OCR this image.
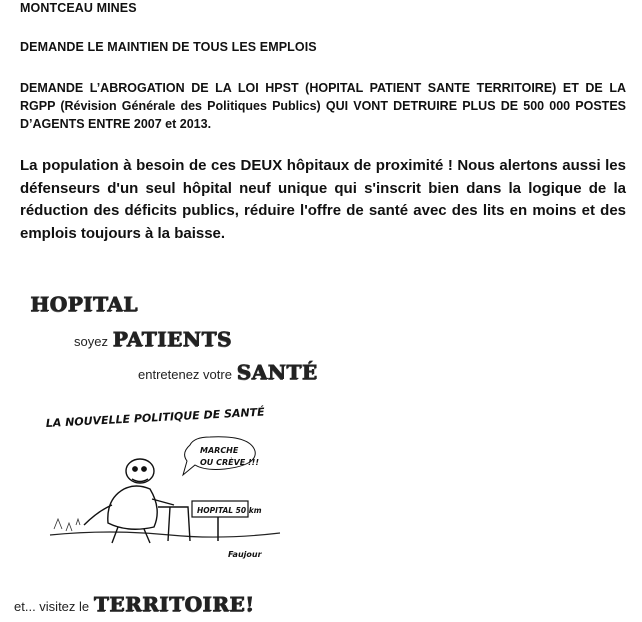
MONTCEAU MINES

DEMANDE LE MAINTIEN DE TOUS LES EMPLOIS

DEMANDE L’ABROGATION DE LA LOI HPST (HOPITAL PATIENT SANTE TERRITOIRE) ET DE LA RGPP (Révision Générale des Politiques Publics) QUI VONT DETRUIRE PLUS DE 500 000 POSTES D’AGENTS ENTRE 2007 et 2013.

La population à besoin de ces DEUX hôpitaux de proximité ! Nous alertons aussi les défenseurs d'un seul hôpital neuf unique qui s'inscrit bien dans la logique de la réduction des déficits publics, réduire l'offre de santé avec des lits en moins et des emplois toujours à la baisse.

HOPITAL
soyez PATIENTS
entretenez votre SANTÉ
LA NOUVELLE POLITIQUE DE SANTÉ
MARCHE
OU CRÈVE !!!
HOPITAL 50 km
Faujour
et... visitez le TERRITOIRE!
